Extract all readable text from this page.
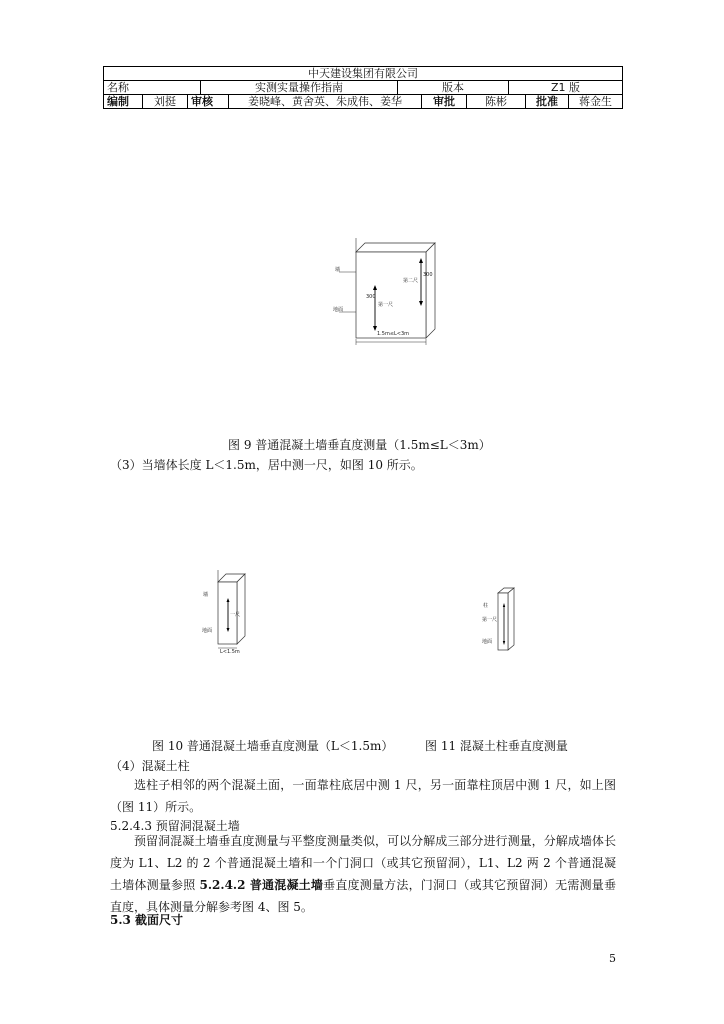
中天建设集团有限公司
名称	实测实量操作指南	版本	Z1 版
编制	刘挺	审核	姜晓峰、黄舍英、朱成伟、姜华	审批	陈彬	批准	蒋金生
墙
地面
300
300
第二尺
第一尺
1.5m≤L<3m
图 9 普通混凝土墙垂直度测量（1.5m≤L＜3m）
（3）当墙体长度 L＜1.5m，居中测一尺，如图 10 所示。
墙
地面
一尺
L<1.5m
柱
第一尺
地面
图 10 普通混凝土墙垂直度测量（L＜1.5m）	图 11 混凝土柱垂直度测量
（4）混凝土柱
选柱子相邻的两个混凝土面，一面靠柱底居中测 1 尺，另一面靠柱顶居中测 1 尺，如上图（图 11）所示。
5.2.4.3 预留洞混凝土墙
预留洞混凝土墙垂直度测量与平整度测量类似，可以分解成三部分进行测量，分解成墙体长度为 L1、L2 的 2 个普通混凝土墙和一个门洞口（或其它预留洞），L1、L2 两 2 个普通混凝土墙体测量参照 5.2.4.2 普通混凝土墙垂直度测量方法，门洞口（或其它预留洞）无需测量垂直度，具体测量分解参考图 4、图 5。
5.3 截面尺寸
5
